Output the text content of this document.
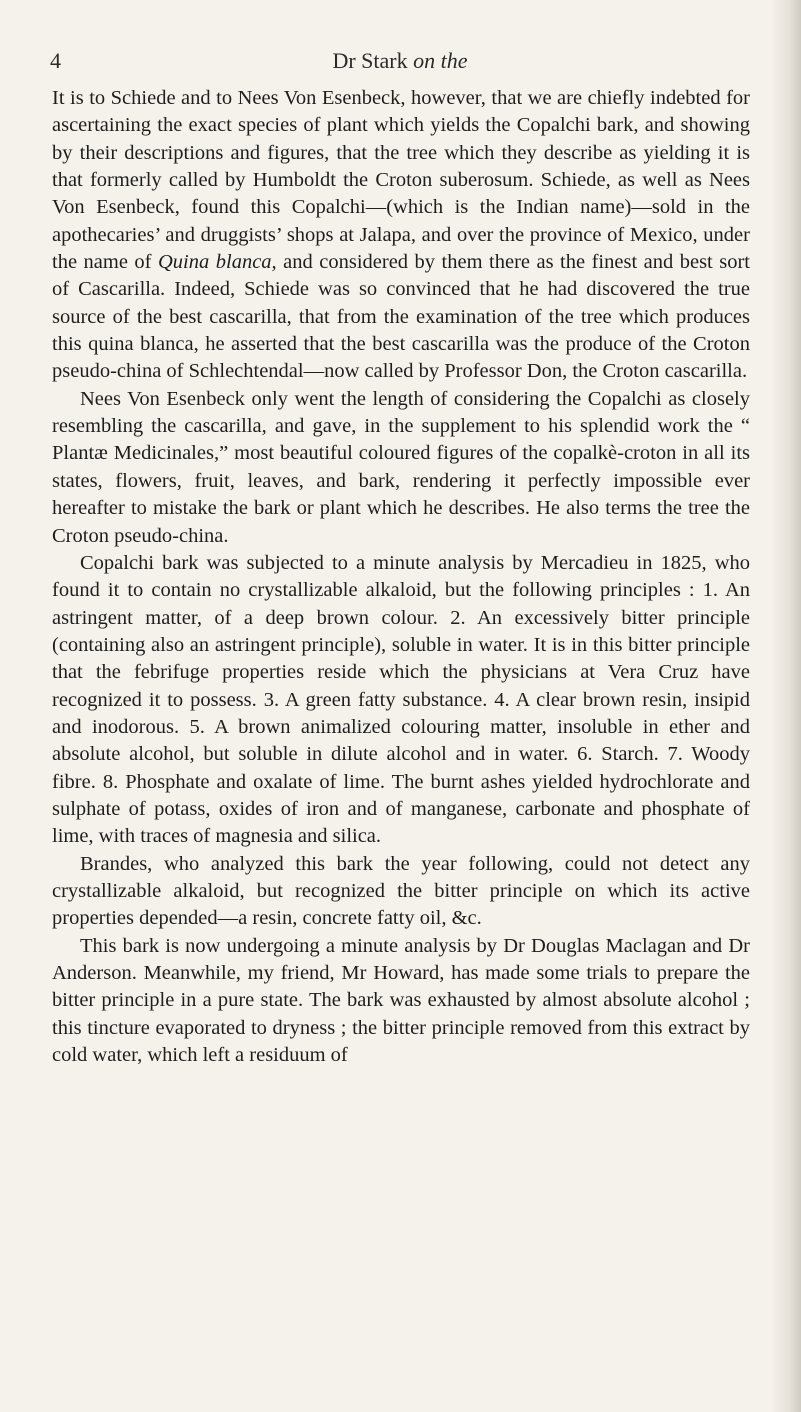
4	Dr Stark on the

It is to Schiede and to Nees Von Esenbeck, however, that we are chiefly indebted for ascertaining the exact species of plant which yields the Copalchi bark, and showing by their descriptions and figures, that the tree which they describe as yielding it is that formerly called by Humboldt the Croton suberosum. Schiede, as well as Nees Von Esenbeck, found this Copalchi—(which is the Indian name)—sold in the apothecaries’ and druggists’ shops at Jalapa, and over the province of Mexico, under the name of Quina blanca, and considered by them there as the finest and best sort of Cascarilla. Indeed, Schiede was so convinced that he had discovered the true source of the best cascarilla, that from the examination of the tree which produces this quina blanca, he asserted that the best cascarilla was the produce of the Croton pseudo-china of Schlechtendal—now called by Professor Don, the Croton cascarilla.

Nees Von Esenbeck only went the length of considering the Copalchi as closely resembling the cascarilla, and gave, in the supplement to his splendid work the “ Plantæ Medicinales,” most beautiful coloured figures of the copalkè-croton in all its states, flowers, fruit, leaves, and bark, rendering it perfectly impossible ever hereafter to mistake the bark or plant which he describes. He also terms the tree the Croton pseudo-china.

Copalchi bark was subjected to a minute analysis by Mercadieu in 1825, who found it to contain no crystallizable alkaloid, but the following principles : 1. An astringent matter, of a deep brown colour. 2. An excessively bitter principle (containing also an astringent principle), soluble in water. It is in this bitter principle that the febrifuge properties reside which the physicians at Vera Cruz have recognized it to possess. 3. A green fatty substance. 4. A clear brown resin, insipid and inodorous. 5. A brown animalized colouring matter, insoluble in ether and absolute alcohol, but soluble in dilute alcohol and in water. 6. Starch. 7. Woody fibre. 8. Phosphate and oxalate of lime. The burnt ashes yielded hydrochlorate and sulphate of potass, oxides of iron and of manganese, carbonate and phosphate of lime, with traces of magnesia and silica.

Brandes, who analyzed this bark the year following, could not detect any crystallizable alkaloid, but recognized the bitter principle on which its active properties depended—a resin, concrete fatty oil, &c.

This bark is now undergoing a minute analysis by Dr Douglas Maclagan and Dr Anderson. Meanwhile, my friend, Mr Howard, has made some trials to prepare the bitter principle in a pure state. The bark was exhausted by almost absolute alcohol ; this tincture evaporated to dryness ; the bitter principle removed from this extract by cold water, which left a residuum of
